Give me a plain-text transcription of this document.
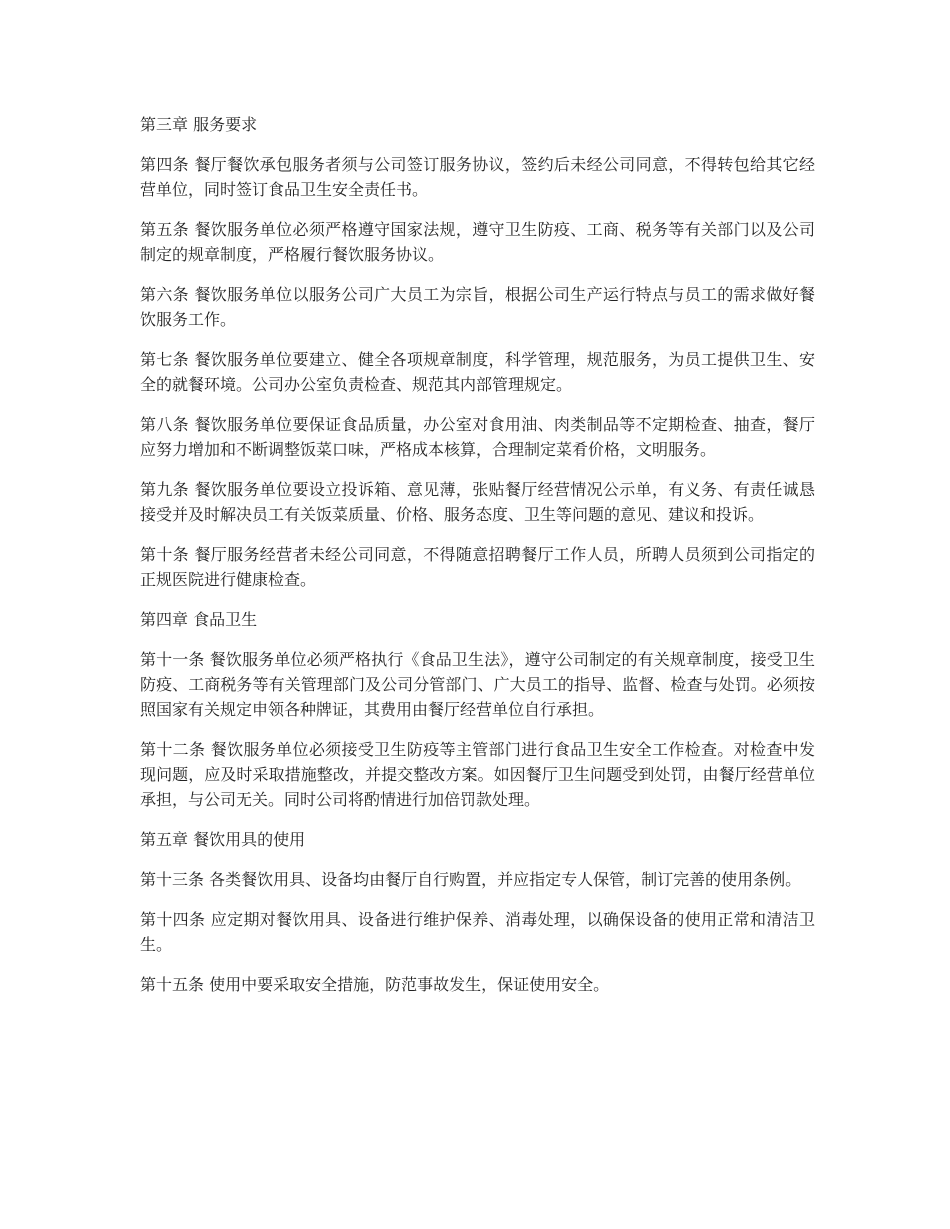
第三章 服务要求

第四条 餐厅餐饮承包服务者须与公司签订服务协议，签约后未经公司同意，不得转包给其它经营单位，同时签订食品卫生安全责任书。

第五条 餐饮服务单位必须严格遵守国家法规，遵守卫生防疫、工商、税务等有关部门以及公司制定的规章制度，严格履行餐饮服务协议。

第六条 餐饮服务单位以服务公司广大员工为宗旨，根据公司生产运行特点与员工的需求做好餐饮服务工作。

第七条 餐饮服务单位要建立、健全各项规章制度，科学管理，规范服务，为员工提供卫生、安全的就餐环境。公司办公室负责检查、规范其内部管理规定。

第八条 餐饮服务单位要保证食品质量，办公室对食用油、肉类制品等不定期检查、抽查，餐厅应努力增加和不断调整饭菜口味，严格成本核算，合理制定菜肴价格，文明服务。

第九条 餐饮服务单位要设立投诉箱、意见薄，张贴餐厅经营情况公示单，有义务、有责任诚恳接受并及时解决员工有关饭菜质量、价格、服务态度、卫生等问题的意见、建议和投诉。

第十条 餐厅服务经营者未经公司同意，不得随意招聘餐厅工作人员，所聘人员须到公司指定的正规医院进行健康检查。

第四章 食品卫生

第十一条 餐饮服务单位必须严格执行《食品卫生法》，遵守公司制定的有关规章制度，接受卫生防疫、工商税务等有关管理部门及公司分管部门、广大员工的指导、监督、检查与处罚。必须按照国家有关规定申领各种牌证，其费用由餐厅经营单位自行承担。

第十二条 餐饮服务单位必须接受卫生防疫等主管部门进行食品卫生安全工作检查。对检查中发现问题，应及时采取措施整改，并提交整改方案。如因餐厅卫生问题受到处罚，由餐厅经营单位承担，与公司无关。同时公司将酌情进行加倍罚款处理。

第五章 餐饮用具的使用

第十三条 各类餐饮用具、设备均由餐厅自行购置，并应指定专人保管，制订完善的使用条例。

第十四条 应定期对餐饮用具、设备进行维护保养、消毒处理，以确保设备的使用正常和清洁卫生。

第十五条 使用中要采取安全措施，防范事故发生，保证使用安全。
